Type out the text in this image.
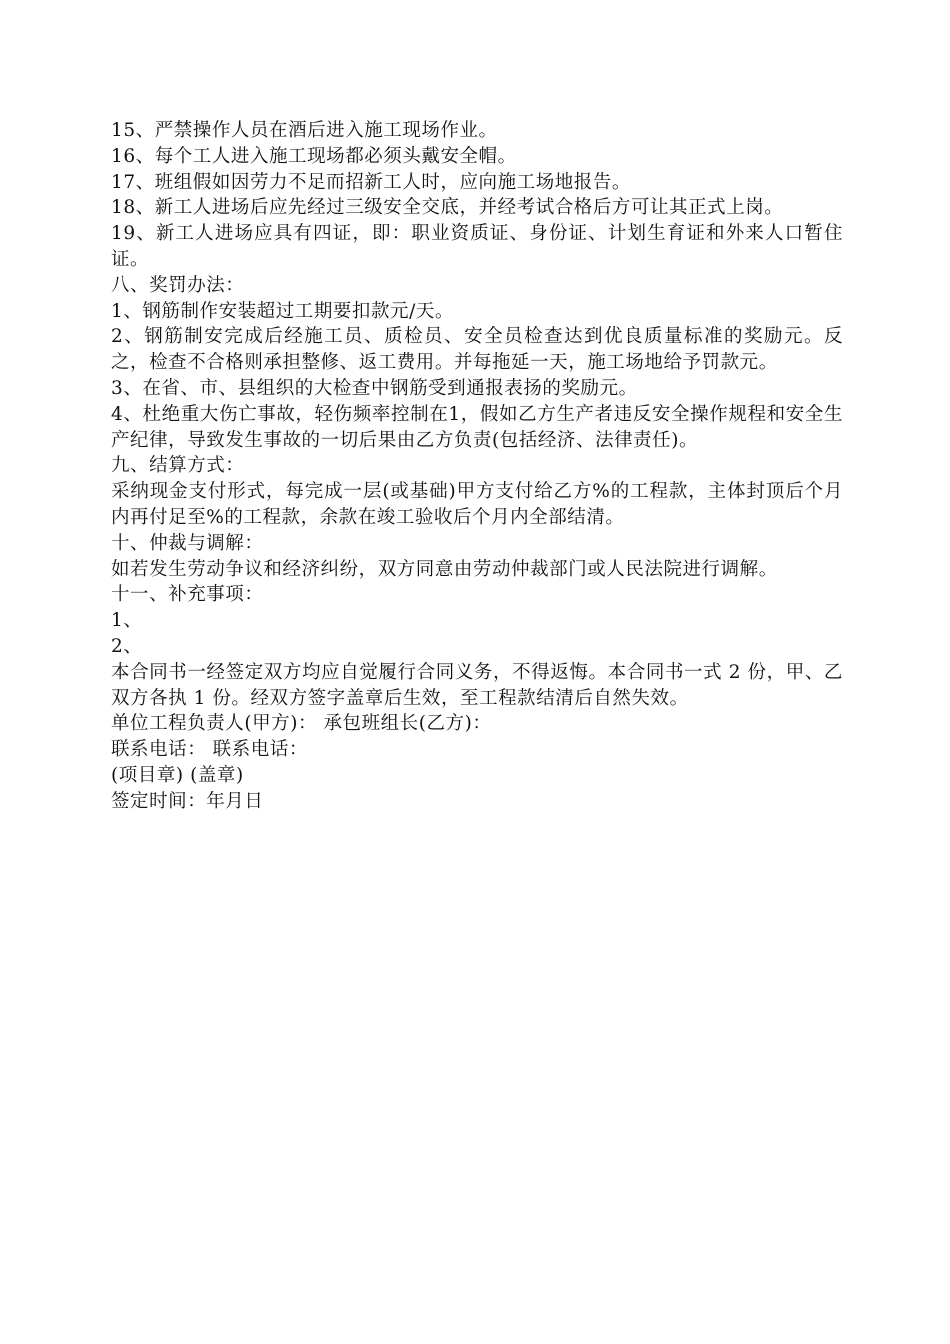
15、严禁操作人员在酒后进入施工现场作业。

16、每个工人进入施工现场都必须头戴安全帽。

17、班组假如因劳力不足而招新工人时，应向施工场地报告。

18、新工人进场后应先经过三级安全交底，并经考试合格后方可让其正式上岗。

19、新工人进场应具有四证，即：职业资质证、身份证、计划生育证和外来人口暂住证。

八、奖罚办法：

1、钢筋制作安装超过工期要扣款元/天。

2、钢筋制安完成后经施工员、质检员、安全员检查达到优良质量标准的奖励元。反之，检查不合格则承担整修、返工费用。并每拖延一天，施工场地给予罚款元。

3、在省、市、县组织的大检查中钢筋受到通报表扬的奖励元。

4、杜绝重大伤亡事故，轻伤频率控制在1，假如乙方生产者违反安全操作规程和安全生产纪律，导致发生事故的一切后果由乙方负责(包括经济、法律责任)。

九、结算方式：

采纳现金支付形式，每完成一层(或基础)甲方支付给乙方%的工程款，主体封顶后个月内再付足至%的工程款，余款在竣工验收后个月内全部结清。

十、仲裁与调解：

如若发生劳动争议和经济纠纷，双方同意由劳动仲裁部门或人民法院进行调解。

十一、补充事项：

1、

2、

本合同书一经签定双方均应自觉履行合同义务，不得返悔。本合同书一式 2 份，甲、乙双方各执 1 份。经双方签字盖章后生效，至工程款结清后自然失效。

单位工程负责人(甲方)： 承包班组长(乙方)：

联系电话： 联系电话：

(项目章) (盖章)

签定时间：年月日
